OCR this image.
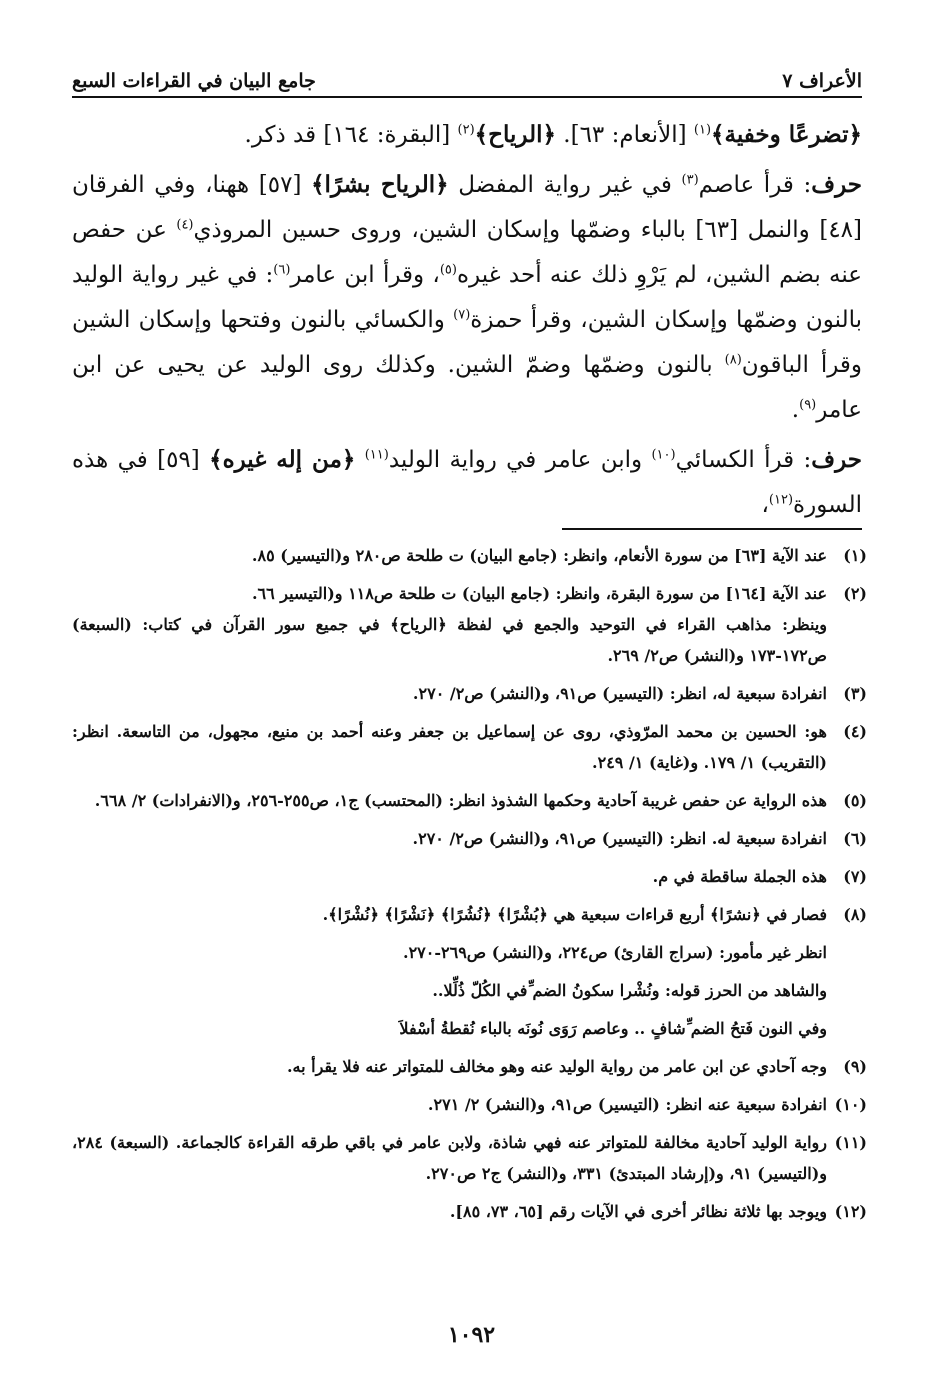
الأعراف ٧
جامع البيان في القراءات السبع

﴿تضرعًا وخفية﴾$^{(١)}$ [الأنعام: ٦٣]. ﴿الرياح﴾$^{(٢)}$ [البقرة: ١٦٤] قد ذكر.

حرف: قرأ عاصم$^{(٣)}$ في غير رواية المفضل ﴿الرياح بشرًا﴾ [٥٧] ههنا، وفي الفرقان [٤٨] والنمل [٦٣] بالباء وضمّها وإسكان الشين، وروى حسين المروذي$^{(٤)}$ عن حفص عنه بضم الشين، لم يَرْوِ ذلك عنه أحد غيره$^{(٥)}$، وقرأ ابن عامر$^{(٦)}$: في غير رواية الوليد بالنون وضمّها وإسكان الشين، وقرأ حمزة$^{(٧)}$ والكسائي بالنون وفتحها وإسكان الشين وقرأ الباقون$^{(٨)}$ بالنون وضمّها وضمّ الشين. وكذلك روى الوليد عن يحيى عن ابن عامر$^{(٩)}$.

حرف: قرأ الكسائي$^{(١٠)}$ وابن عامر في رواية الوليد$^{(١١)}$ ﴿من إله غيره﴾ [٥٩] في هذه السورة$^{(١٢)}$،

(١)
عند الآية [٦٣] من سورة الأنعام، وانظر: (جامع البيان) ت طلحة ص٢٨٠ و(التيسير) ٨٥.
(٢)
عند الآية [١٦٤] من سورة البقرة، وانظر: (جامع البيان) ت طلحة ص١١٨ و(التيسير ٦٦.
وينظر: مذاهب القراء في التوحيد والجمع في لفظة ﴿الرياح﴾ في جميع سور القرآن في كتاب: (السبعة) ص١٧٢-١٧٣ و(النشر) ص٢/ ٢٦٩.
(٣)
انفرادة سبعية له، انظر: (التيسير) ص٩١، و(النشر) ص٢/ ٢٧٠.
(٤)
هو: الحسين بن محمد المرّوذي، روى عن إسماعيل بن جعفر وعنه أحمد بن منيع، مجهول، من التاسعة. انظر: (التقريب) ١/ ١٧٩. و(غاية) ١/ ٢٤٩.
(٥)
هذه الرواية عن حفص غريبة آحادية وحكمها الشذوذ انظر: (المحتسب) ج١، ص٢٥٥-٢٥٦، و(الانفرادات) ٢/ ٦٦٨.
(٦)
انفرادة سبعية له. انظر: (التيسير) ص٩١، و(النشر) ص٢/ ٢٧٠.
(٧)
هذه الجملة ساقطة في م.
(٨)
فصار في ﴿نشرًا﴾ أربع قراءات سبعية هي ﴿بُشْرًا﴾ ﴿نُشُرًا﴾ ﴿نَشْرًا﴾ ﴿نُشْرًا﴾.
انظر غير مأمور: (سراج القارئ) ص٢٢٤، و(النشر) ص٢٦٩-٢٧٠.
والشاهد من الحرز قوله: ونُشْرا سكونُ الضم ِّفي الكُلّ ذُلِّلا..
وفي النون فَتحُ الضم ِّشافٍ .. وعاصم رَوَى نُونَه بالباء نُقطةُ أسْفلاَ
(٩)
وجه آحادي عن ابن عامر من رواية الوليد عنه وهو مخالف للمتواتر عنه فلا يقرأ به.
(١٠)
انفرادة سبعية عنه انظر: (التيسير) ص٩١، و(النشر) ٢/ ٢٧١.
(١١)
رواية الوليد آحادية مخالفة للمتواتر عنه فهي شاذة، ولابن عامر في باقي طرقه القراءة كالجماعة. (السبعة) ٢٨٤، و(التيسير) ٩١، و(إرشاد المبتدئ) ٣٣١، و(النشر) ج٢ ص٢٧٠.
(١٢)
ويوجد بها ثلاثة نظائر أخرى في الآيات رقم [٦٥، ٧٣، ٨٥].
١٠٩٢
